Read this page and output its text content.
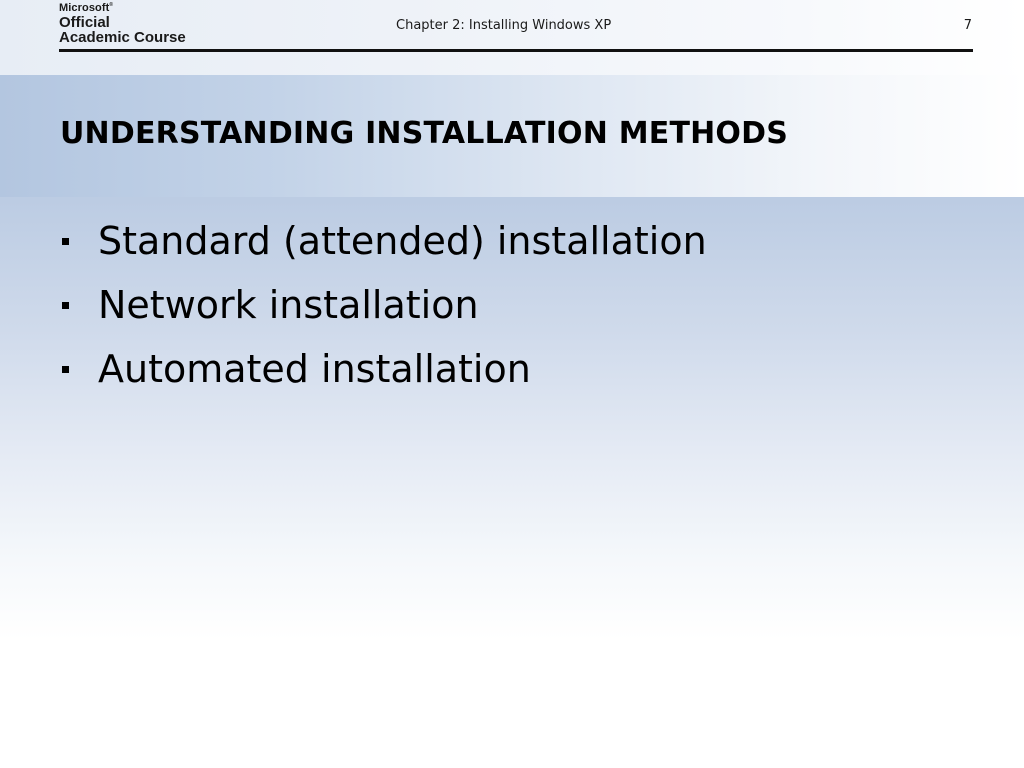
Microsoft®
Official
Academic Course
Chapter 2: Installing Windows XP	7
UNDERSTANDING INSTALLATION METHODS
Standard (attended) installation
Network installation
Automated installation
